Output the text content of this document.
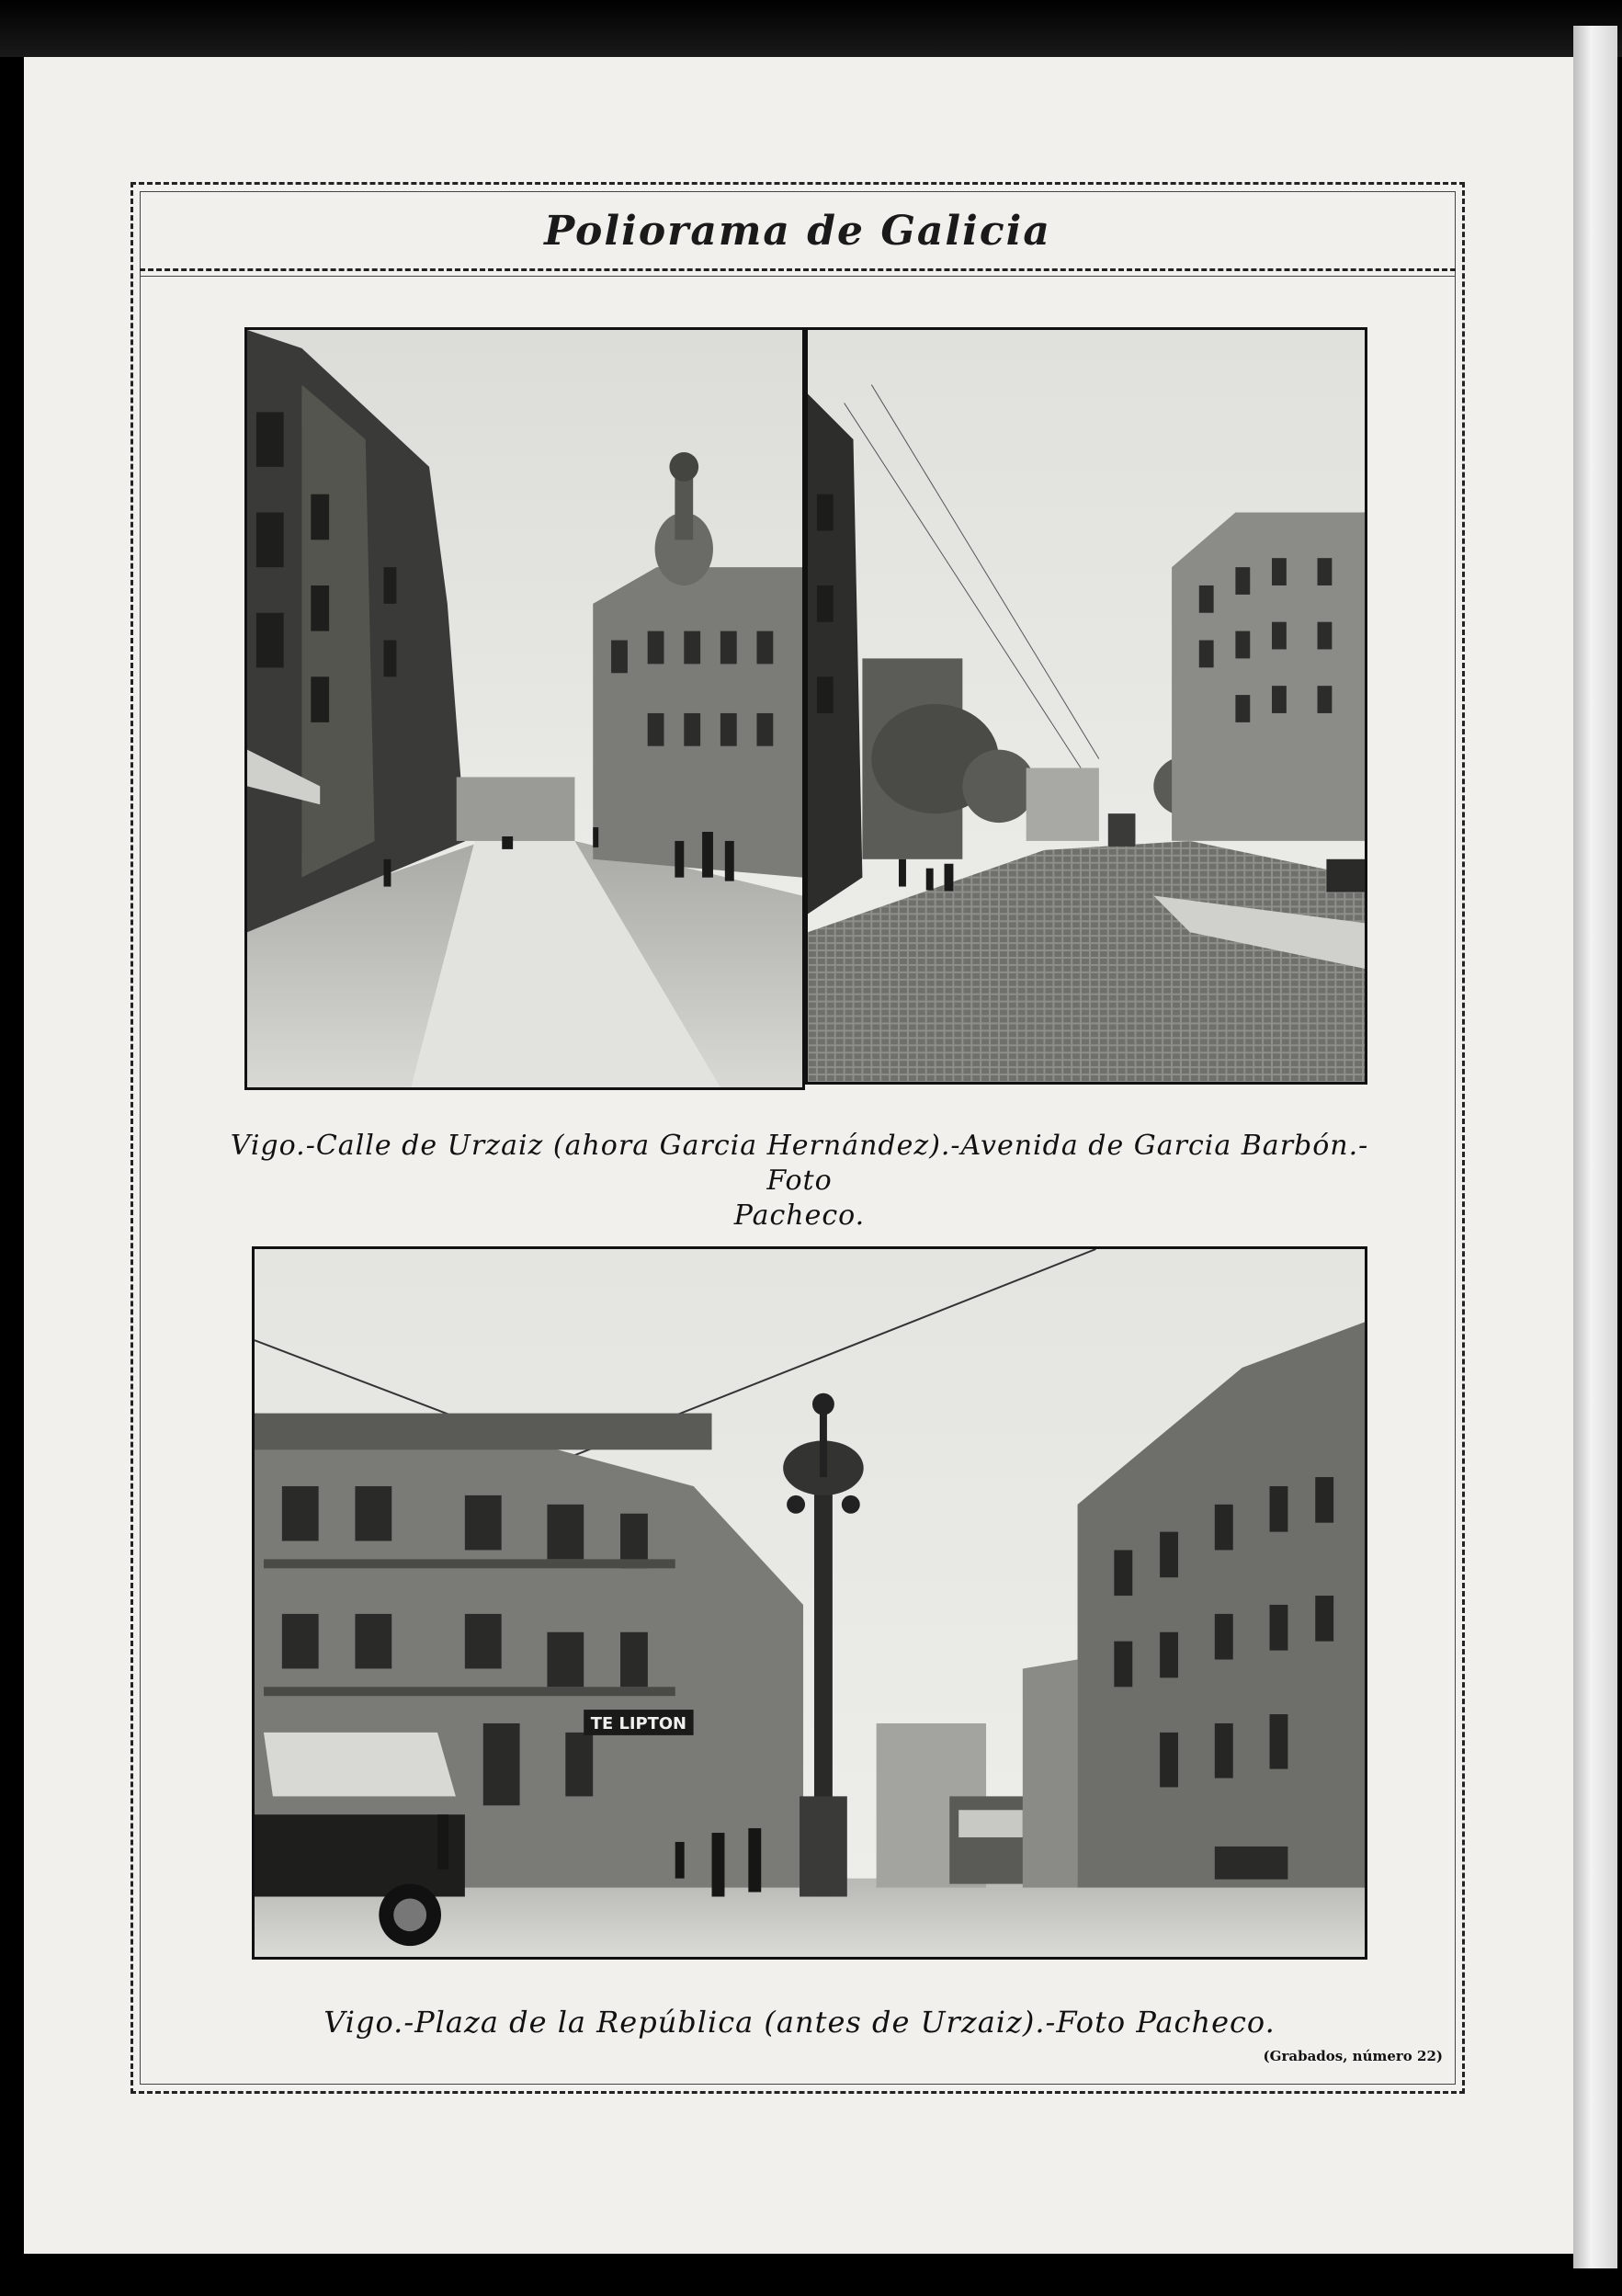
Poliorama de Galicia
TE LIPTON
Vigo.-Calle de Urzaiz (ahora Garcia Hernández).-Avenida de Garcia Barbón.-Foto
Pacheco.
Vigo.-Plaza de la República (antes de Urzaiz).-Foto Pacheco.
(Grabados, número 22)
